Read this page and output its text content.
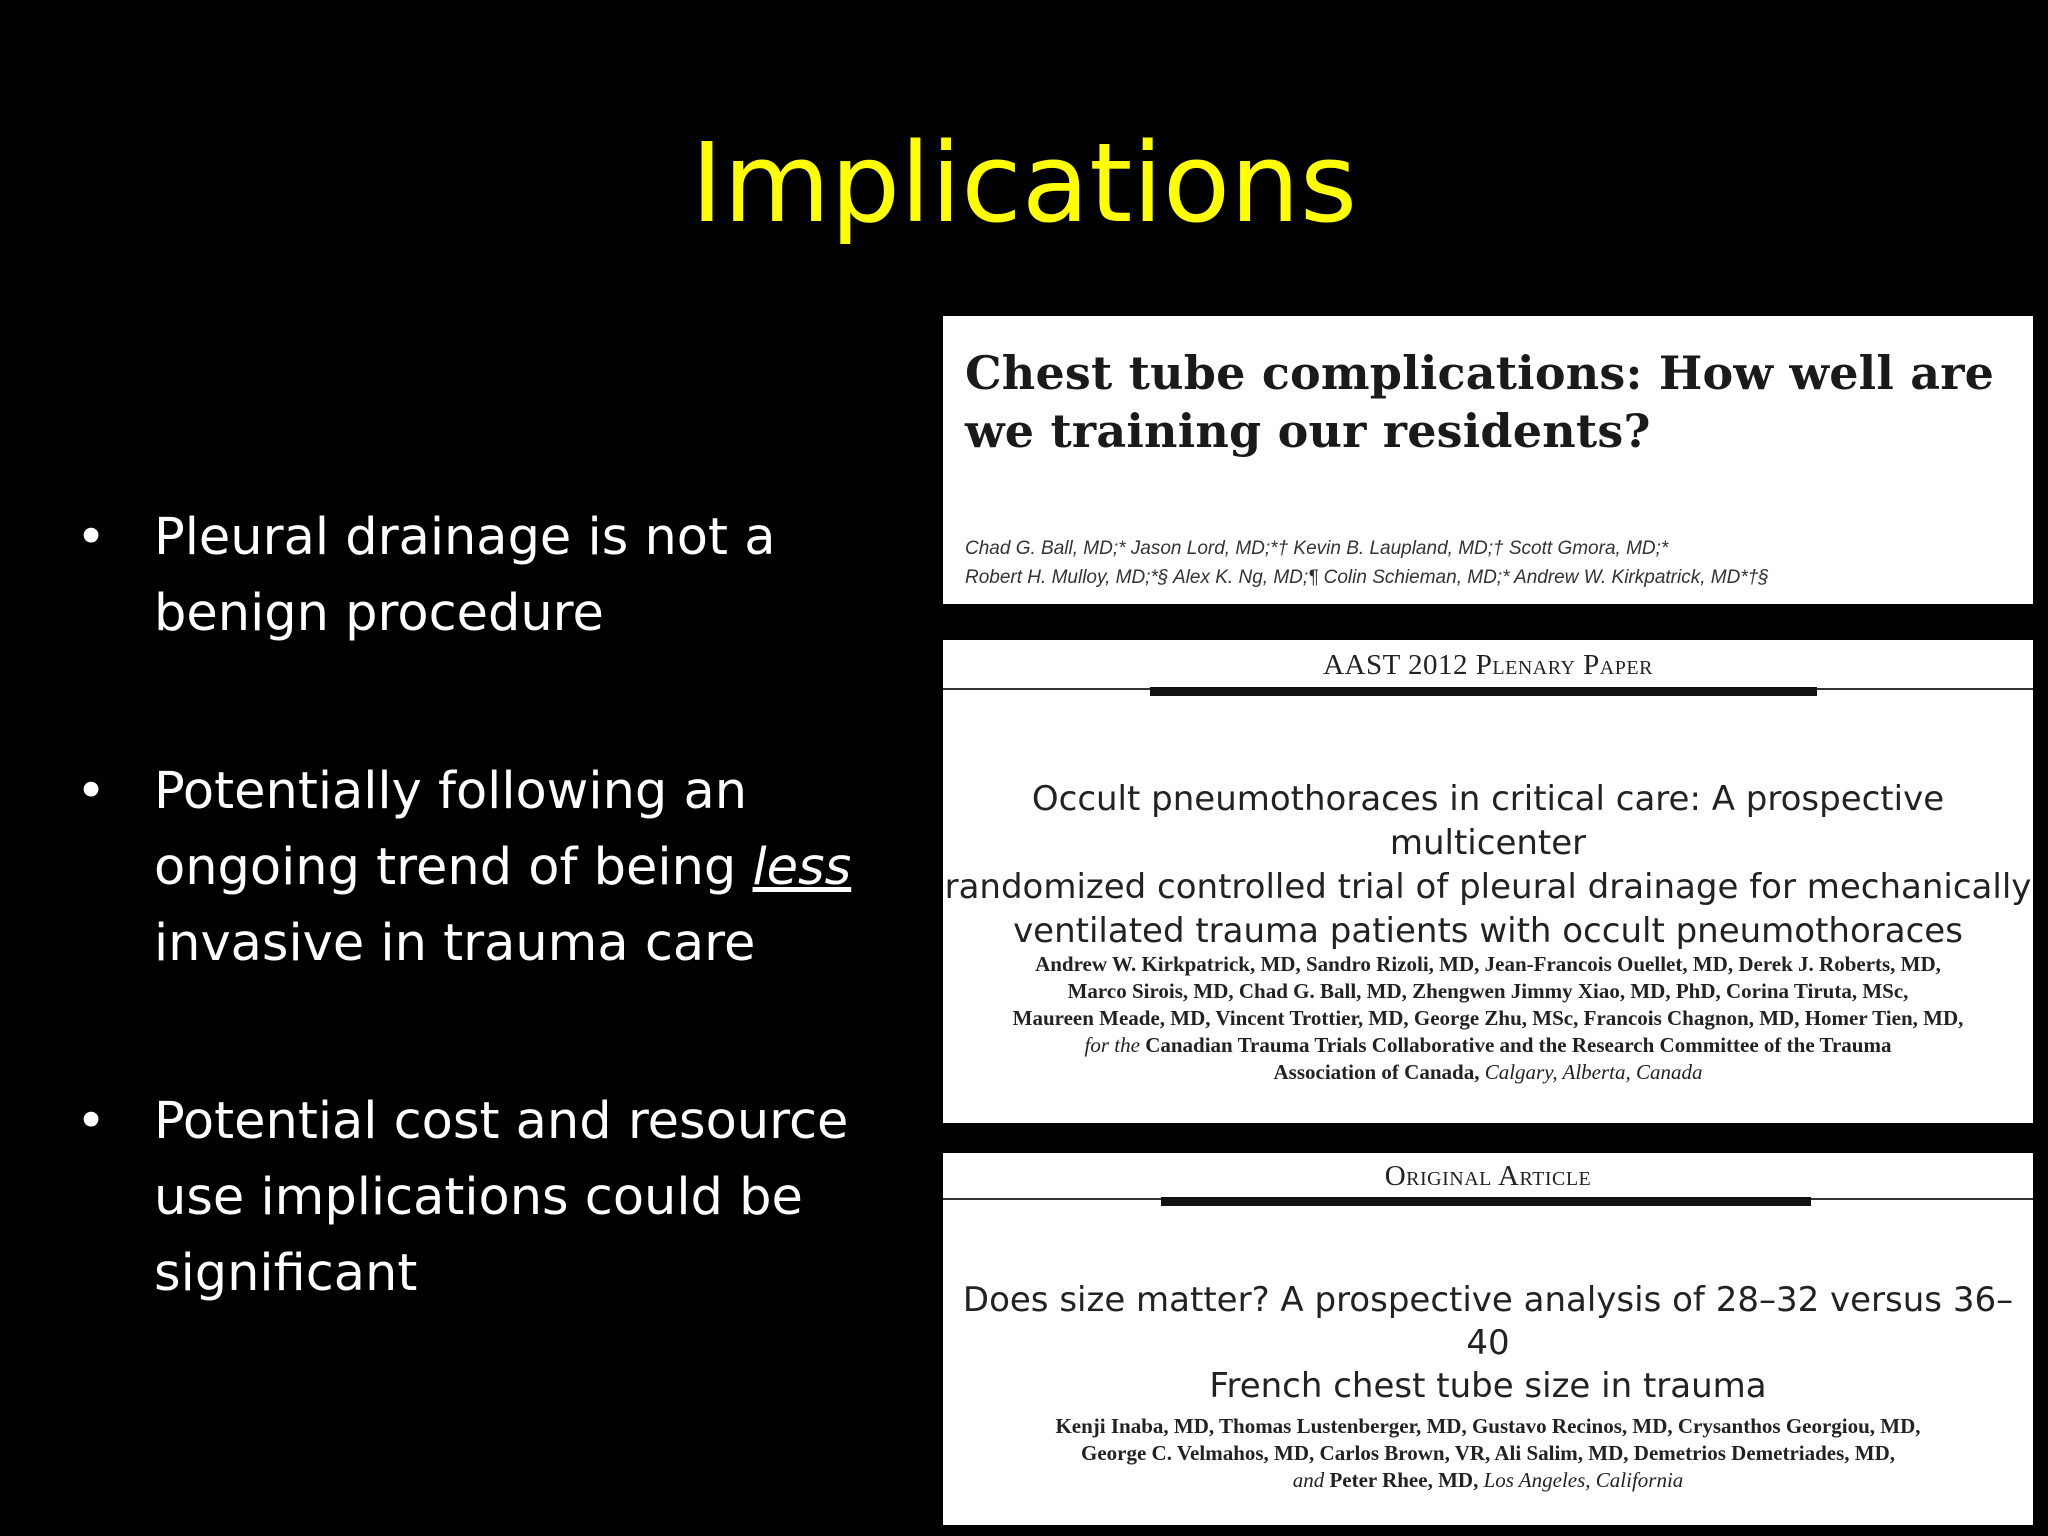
Implications
• Pleural drainage is not a benign procedure
• Potentially following an ongoing trend of being less invasive in trauma care
• Potential cost and resource use implications could be significant
Chest tube complications: How well are we training our residents?
Chad G. Ball, MD;* Jason Lord, MD;*† Kevin B. Laupland, MD;† Scott Gmora, MD;*
Robert H. Mulloy, MD;*§ Alex K. Ng, MD;¶ Colin Schieman, MD;* Andrew W. Kirkpatrick, MD*†§
AAST 2012 Plenary Paper
Occult pneumothoraces in critical care: A prospective multicenter
randomized controlled trial of pleural drainage for mechanically
ventilated trauma patients with occult pneumothoraces
Andrew W. Kirkpatrick, MD, Sandro Rizoli, MD, Jean-Francois Ouellet, MD, Derek J. Roberts, MD,
Marco Sirois, MD, Chad G. Ball, MD, Zhengwen Jimmy Xiao, MD, PhD, Corina Tiruta, MSc,
Maureen Meade, MD, Vincent Trottier, MD, George Zhu, MSc, Francois Chagnon, MD, Homer Tien, MD,
for the Canadian Trauma Trials Collaborative and the Research Committee of the Trauma
Association of Canada, Calgary, Alberta, Canada
Original Article
Does size matter? A prospective analysis of 28–32 versus 36–40
French chest tube size in trauma
Kenji Inaba, MD, Thomas Lustenberger, MD, Gustavo Recinos, MD, Crysanthos Georgiou, MD,
George C. Velmahos, MD, Carlos Brown, VR, Ali Salim, MD, Demetrios Demetriades, MD,
and Peter Rhee, MD, Los Angeles, California
